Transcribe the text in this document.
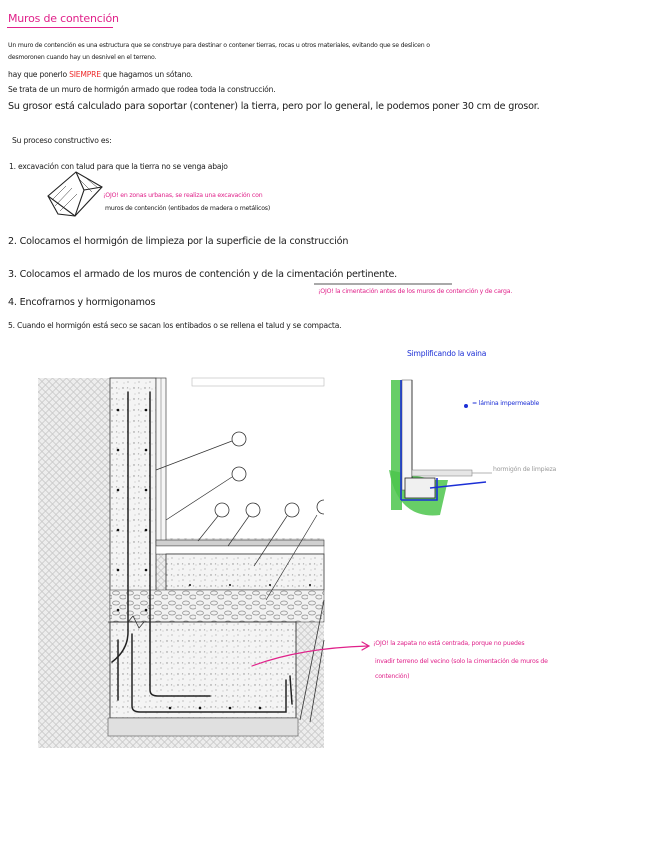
Muros de contención
Un muro de contención es una estructura que se construye para destinar o contener tierras, rocas u otros materiales, evitando que se deslicen o
desmoronen cuando hay un desnivel en el terreno.
hay que ponerlo SIEMPRE que hagamos un sótano.
Se trata de un muro de hormigón armado que rodea toda la construcción.
Su grosor está calculado para soportar (contener) la tierra, pero por lo general, le podemos poner 30 cm de grosor.
Su proceso constructivo es:
1. excavación con talud para que la tierra no se venga abajo
¡OJO! en zonas urbanas, se realiza una excavación con
muros de contención (entibados de madera o metálicos)
2. Colocamos el hormigón de limpieza por la superficie de la construcción
3. Colocamos el armado de los muros de contención y de la cimentación pertinente.
¡OJO! la cimentación antes de los muros de contención y de carga.
4. Encofrarnos y hormigonamos
5. Cuando el hormigón está seco se sacan los entibados o se rellena el talud y se compacta.
Simplificando la vaina
= lámina impermeable
hormigón de limpieza
¡OJO! la zapata no está centrada, porque no puedes
invadir terreno del vecino (solo la cimentación de muros de
contención)
